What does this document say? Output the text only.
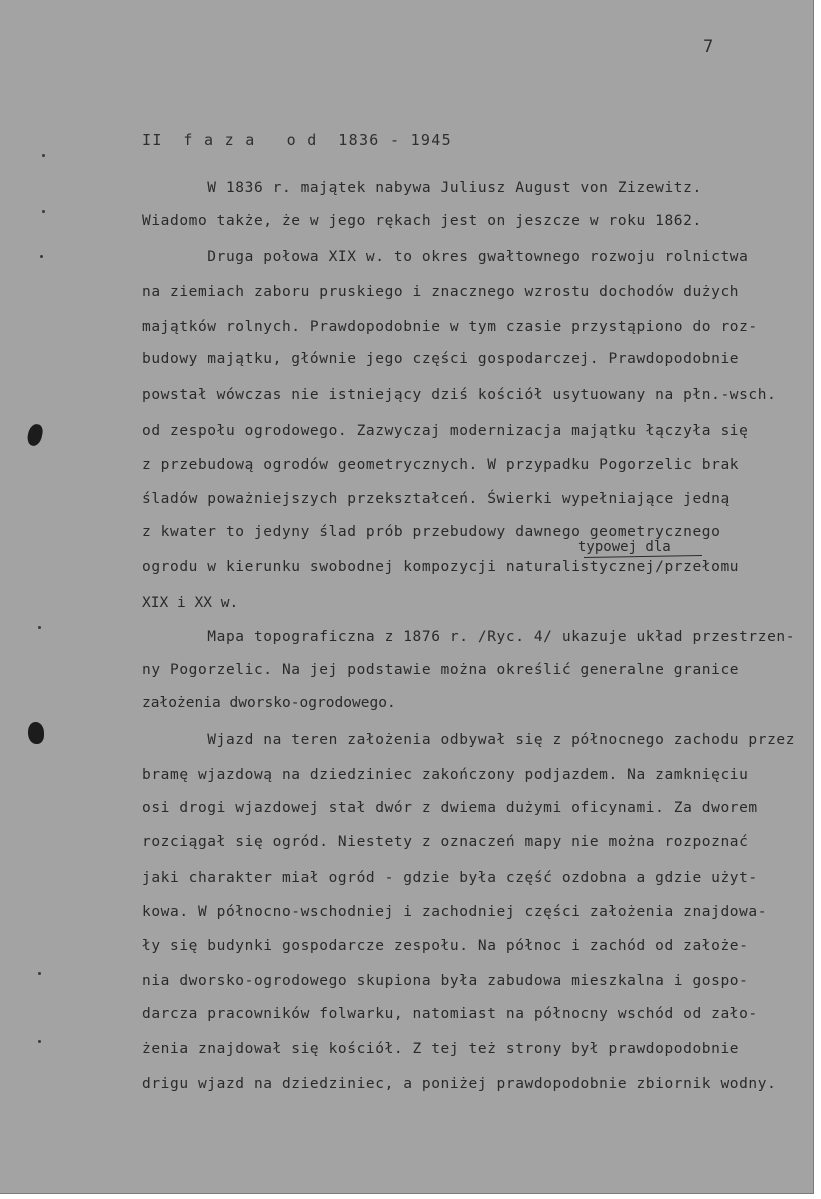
7
II  f a z a   o d  1836 - 1945
typowej dla
W 1836 r. majątek nabywa Juliusz August von Zizewitz.
Wiadomo także, że w jego rękach jest on jeszcze w roku 1862.
Druga połowa XIX w. to okres gwałtownego rozwoju rolnictwa
na ziemiach zaboru pruskiego i znacznego wzrostu dochodów dużych
majątków rolnych. Prawdopodobnie w tym czasie przystąpiono do roz-
budowy majątku, głównie jego części gospodarczej. Prawdopodobnie
powstał wówczas nie istniejący dziś kościół usytuowany na płn.-wsch.
od zespołu ogrodowego. Zazwyczaj modernizacja majątku łączyła się
z przebudową ogrodów geometrycznych. W przypadku Pogorzelic brak
śladów poważniejszych przekształceń. Świerki wypełniające jedną
z kwater to jedyny ślad prób przebudowy dawnego geometrycznego
ogrodu w kierunku swobodnej kompozycji naturalistycznej/przełomu
XIX i XX w.
Mapa topograficzna z 1876 r. /Ryc. 4/ ukazuje układ przestrzen-
ny Pogorzelic. Na jej podstawie można określić generalne granice
założenia dworsko-ogrodowego.
Wjazd na teren założenia odbywał się z północnego zachodu przez
bramę wjazdową na dziedziniec zakończony podjazdem. Na zamknięciu
osi drogi wjazdowej stał dwór z dwiema dużymi oficynami. Za dworem
rozciągał się ogród. Niestety z oznaczeń mapy nie można rozpoznać
jaki charakter miał ogród - gdzie była część ozdobna a gdzie użyt-
kowa. W północno-wschodniej i zachodniej części założenia znajdowa-
ły się budynki gospodarcze zespołu. Na północ i zachód od założe-
nia dworsko-ogrodowego skupiona była zabudowa mieszkalna i gospo-
darcza pracowników folwarku, natomiast na północny wschód od zało-
żenia znajdował się kościół. Z tej też strony był prawdopodobnie
drigu wjazd na dziedziniec, a poniżej prawdopodobnie zbiornik wodny.
